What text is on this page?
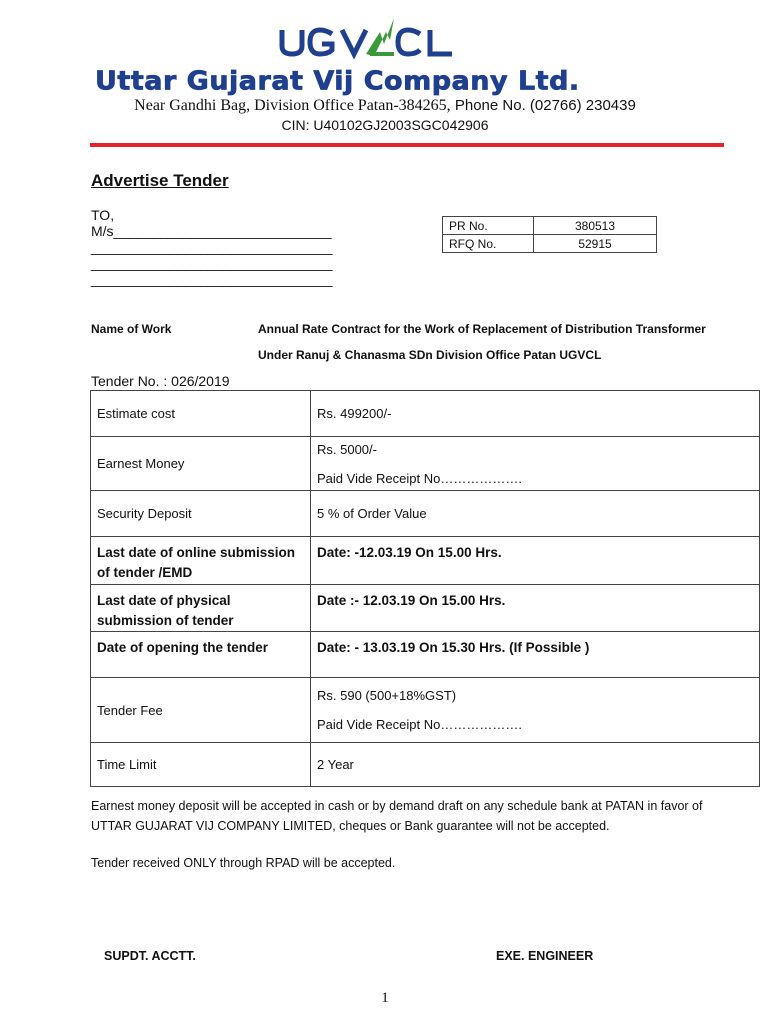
Uttar Gujarat Vij Company Ltd.
Near Gandhi Bag, Division Office Patan-384265, Phone No. (02766) 230439
CIN: U40102GJ2003SGC042906
Advertise Tender
TO,
M/s____________________________
_______________________________
_______________________________
_______________________________
PR No.	380513
RFQ No.	52915
Name of Work	Annual Rate Contract for the Work of Replacement of Distribution Transformer
Under Ranuj & Chanasma SDn Division Office Patan UGVCL
Tender No. : 026/2019
Estimate cost	Rs. 499200/-
Earnest Money	Rs. 5000/-
Paid Vide Receipt No……………….

Security Deposit	5 % of Order Value
Last date of online submission of tender /EMD	Date: -12.03.19 On 15.00 Hrs.
Last date of physical submission of tender	Date :- 12.03.19 On 15.00 Hrs.
Date of opening the tender	Date: - 13.03.19 On 15.30 Hrs. (If Possible )
Tender Fee	Rs. 590 (500+18%GST)
Paid Vide Receipt No……………….

Time Limit	2 Year
Earnest money deposit will be accepted in cash or by demand draft on any schedule bank at PATAN in favor of UTTAR GUJARAT VIJ COMPANY LIMITED, cheques or Bank guarantee will not be accepted.
Tender received ONLY through RPAD will be accepted.
SUPDT. ACCTT.	EXE. ENGINEER
1
